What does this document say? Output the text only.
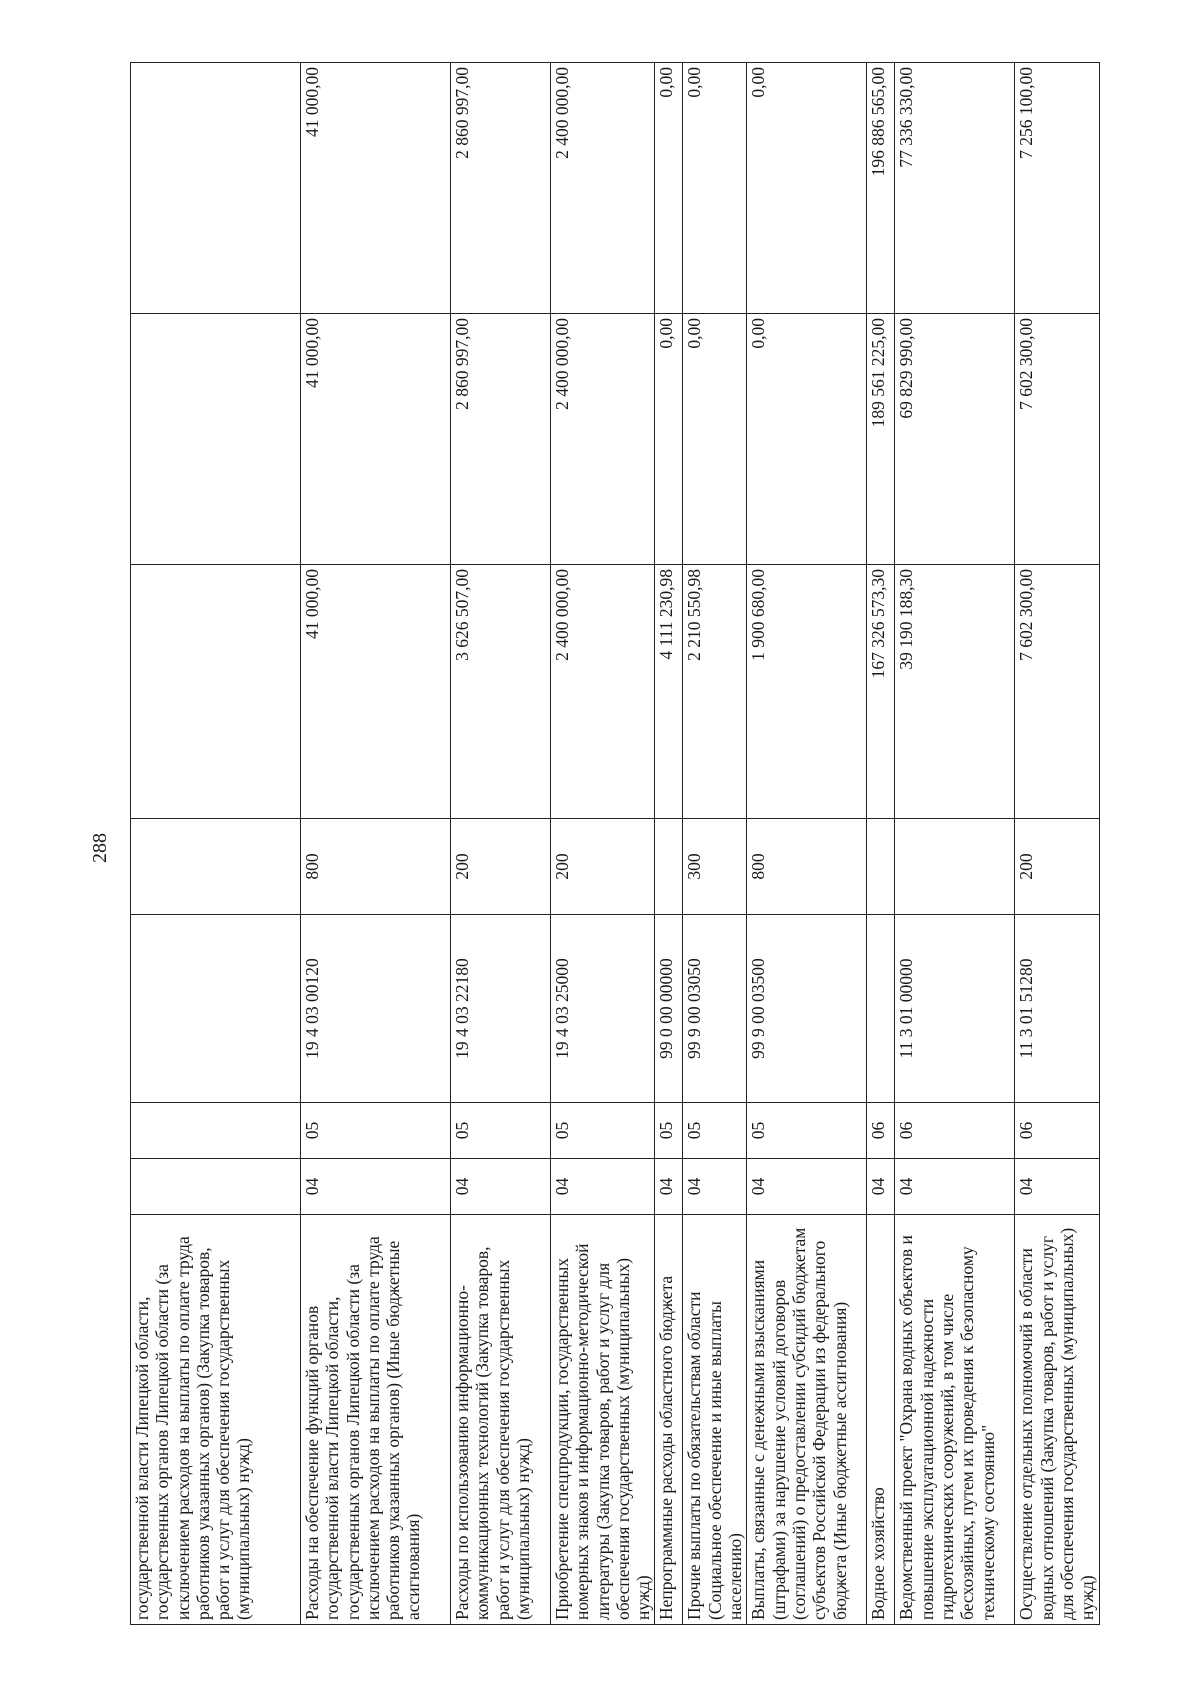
288
государственной власти Липецкой области, государственных органов Липецкой области (за исключением расходов на выплаты по оплате труда работников указанных органов) (Закупка товаров, работ и услуг для обеспечения государственных (муниципальных) нужд)							
Расходы на обеспечение функций органов государственной власти Липецкой области, государственных органов Липецкой области (за исключением расходов на выплаты по оплате труда работников указанных органов) (Иные бюджетные ассигнования)	04	05	19 4 03 00120	800	41 000,00	41 000,00	41 000,00
Расходы по использованию информационно-коммуникационных технологий (Закупка товаров, работ и услуг для обеспечения государственных (муниципальных) нужд)	04	05	19 4 03 22180	200	3 626 507,00	2 860 997,00	2 860 997,00
Приобретение спецпродукции, государственных номерных знаков и информационно-методической литературы (Закупка товаров, работ и услуг для обеспечения государственных (муниципальных) нужд)	04	05	19 4 03 25000	200	2 400 000,00	2 400 000,00	2 400 000,00
Непрограммные расходы областного бюджета	04	05	99 0 00 00000		4 111 230,98	0,00	0,00
Прочие выплаты по обязательствам области (Социальное обеспечение и иные выплаты населению)	04	05	99 9 00 03050	300	2 210 550,98	0,00	0,00
Выплаты, связанные с денежными взысканиями (штрафами) за нарушение условий договоров (соглашений) о предоставлении субсидий бюджетам субъектов Российской Федерации из федерального бюджета (Иные бюджетные ассигнования)	04	05	99 9 00 03500	800	1 900 680,00	0,00	0,00
Водное хозяйство	04	06			167 326 573,30	189 561 225,00	196 886 565,00
Ведомственный проект "Охрана водных объектов и повышение эксплуатационной надежности гидротехнических сооружений, в том числе бесхозяйных, путем их проведения к безопасному техническому состоянию"	04	06	11 3 01 00000		39 190 188,30	69 829 990,00	77 336 330,00
Осуществление отдельных полномочий в области водных отношений (Закупка товаров, работ и услуг для обеспечения государственных (муниципальных) нужд)	04	06	11 3 01 51280	200	7 602 300,00	7 602 300,00	7 256 100,00
